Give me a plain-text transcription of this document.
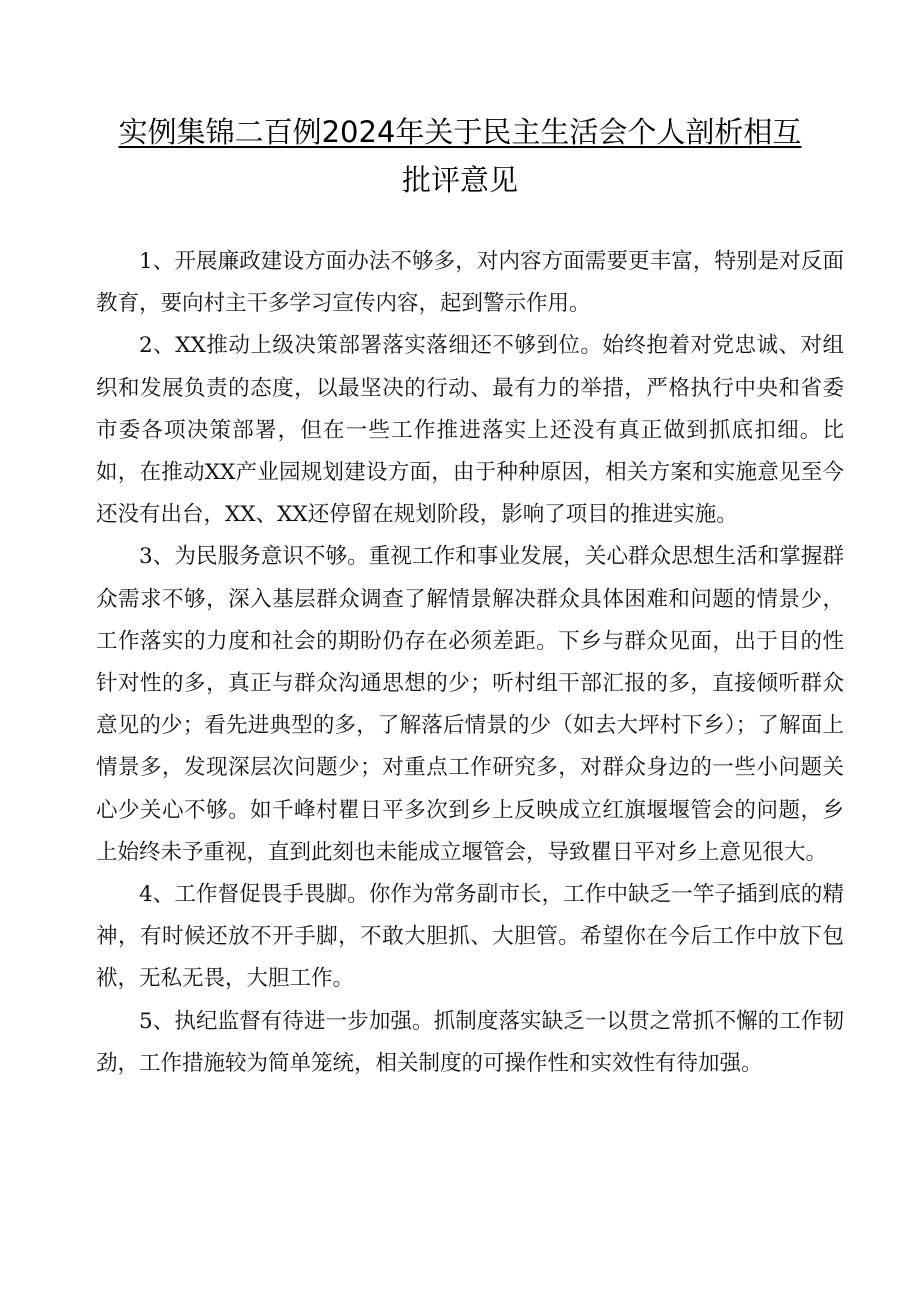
实例集锦二百例2024年关于民主生活会个人剖析相互
批评意见

1、开展廉政建设方面办法不够多，对内容方面需要更丰富，特别是对反面教育，要向村主干多学习宣传内容，起到警示作用。

2、XX推动上级决策部署落实落细还不够到位。始终抱着对党忠诚、对组织和发展负责的态度，以最坚决的行动、最有力的举措，严格执行中央和省委市委各项决策部署，但在一些工作推进落实上还没有真正做到抓底扣细。比如，在推动XX产业园规划建设方面，由于种种原因，相关方案和实施意见至今还没有出台，XX、XX还停留在规划阶段，影响了项目的推进实施。

3、为民服务意识不够。重视工作和事业发展，关心群众思想生活和掌握群众需求不够，深入基层群众调查了解情景解决群众具体困难和问题的情景少，工作落实的力度和社会的期盼仍存在必须差距。下乡与群众见面，出于目的性针对性的多，真正与群众沟通思想的少；听村组干部汇报的多，直接倾听群众意见的少；看先进典型的多，了解落后情景的少（如去大坪村下乡）；了解面上情景多，发现深层次问题少；对重点工作研究多，对群众身边的一些小问题关心少关心不够。如千峰村瞿日平多次到乡上反映成立红旗堰堰管会的问题，乡上始终未予重视，直到此刻也未能成立堰管会，导致瞿日平对乡上意见很大。

4、工作督促畏手畏脚。你作为常务副市长，工作中缺乏一竿子插到底的精神，有时候还放不开手脚，不敢大胆抓、大胆管。希望你在今后工作中放下包袱，无私无畏，大胆工作。

5、执纪监督有待进一步加强。抓制度落实缺乏一以贯之常抓不懈的工作韧劲，工作措施较为简单笼统，相关制度的可操作性和实效性有待加强。
